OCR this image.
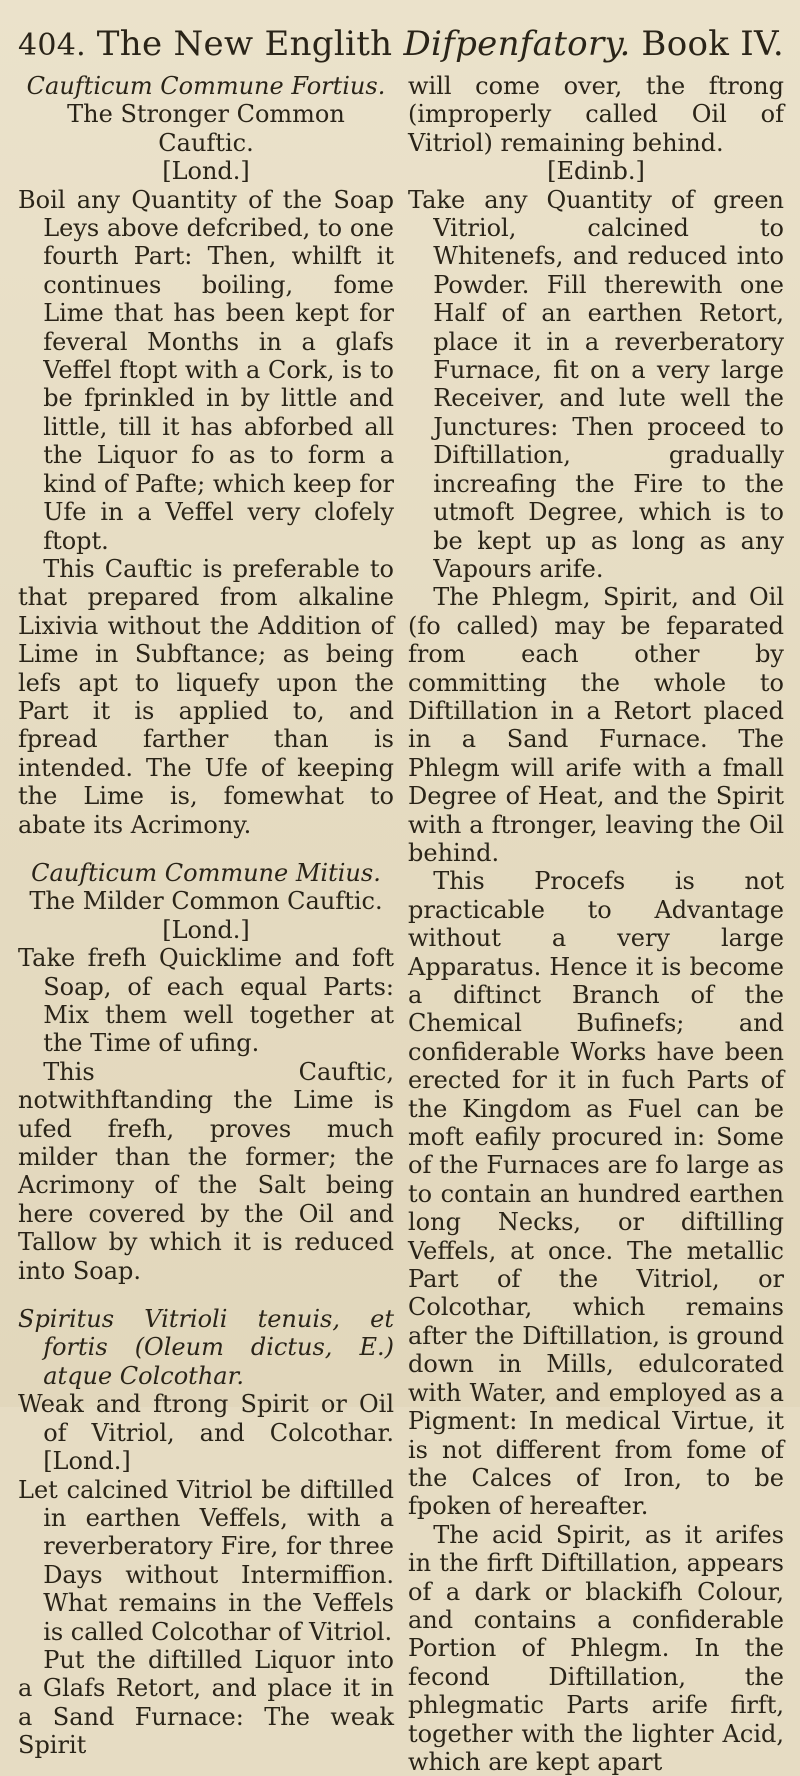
404. The New Englith Difpenfatory. Book IV.

Caufticum Commune Fortius.

The Stronger Common Cauftic.

[Lond.]

Boil any Quantity of the Soap Leys above defcribed, to one fourth Part: Then, whilft it continues boiling, fome Lime that has been kept for feveral Months in a glafs Veffel ftopt with a Cork, is to be fprinkled in by little and little, till it has abforbed all the Liquor fo as to form a kind of Pafte; which keep for Ufe in a Veffel very clofely ftopt.

This Cauftic is preferable to that prepared from alkaline Lixivia without the Addition of Lime in Subftance; as being lefs apt to liquefy upon the Part it is applied to, and fpread farther than is intended. The Ufe of keeping the Lime is, fomewhat to abate its Acrimony.

Caufticum Commune Mitius.

The Milder Common Cauftic.

[Lond.]

Take frefh Quicklime and foft Soap, of each equal Parts: Mix them well together at the Time of ufing.

This Cauftic, notwithftanding the Lime is ufed frefh, proves much milder than the former; the Acrimony of the Salt being here covered by the Oil and Tallow by which it is reduced into Soap.

Spiritus Vitrioli tenuis, et fortis (Oleum dictus, E.) atque Colcothar.

Weak and ftrong Spirit or Oil of Vitriol, and Colcothar. [Lond.]

Let calcined Vitriol be diftilled in earthen Veffels, with a reverberatory Fire, for three Days without Intermiffion. What remains in the Veffels is called Colcothar of Vitriol.

Put the diftilled Liquor into a Glafs Retort, and place it in a Sand Furnace: The weak Spirit

will come over, the ftrong (improperly called Oil of Vitriol) remaining behind.

[Edinb.]

Take any Quantity of green Vitriol, calcined to Whitenefs, and reduced into Powder. Fill therewith one Half of an earthen Retort, place it in a reverberatory Furnace, fit on a very large Receiver, and lute well the Junctures: Then proceed to Diftillation, gradually increafing the Fire to the utmoft Degree, which is to be kept up as long as any Vapours arife.

The Phlegm, Spirit, and Oil (fo called) may be feparated from each other by committing the whole to Diftillation in a Retort placed in a Sand Furnace. The Phlegm will arife with a fmall Degree of Heat, and the Spirit with a ftronger, leaving the Oil behind.

This Procefs is not practicable to Advantage without a very large Apparatus. Hence it is become a diftinct Branch of the Chemical Bufinefs; and confiderable Works have been erected for it in fuch Parts of the Kingdom as Fuel can be moft eafily procured in: Some of the Furnaces are fo large as to contain an hundred earthen long Necks, or diftilling Veffels, at once. The metallic Part of the Vitriol, or Colcothar, which remains after the Diftillation, is ground down in Mills, edulcorated with Water, and employed as a Pigment: In medical Virtue, it is not different from fome of the Calces of Iron, to be fpoken of hereafter.

The acid Spirit, as it arifes in the firft Diftillation, appears of a dark or blackifh Colour, and contains a confiderable Portion of Phlegm. In the fecond Diftillation, the phlegmatic Parts arife firft, together with the lighter Acid, which are kept apart
